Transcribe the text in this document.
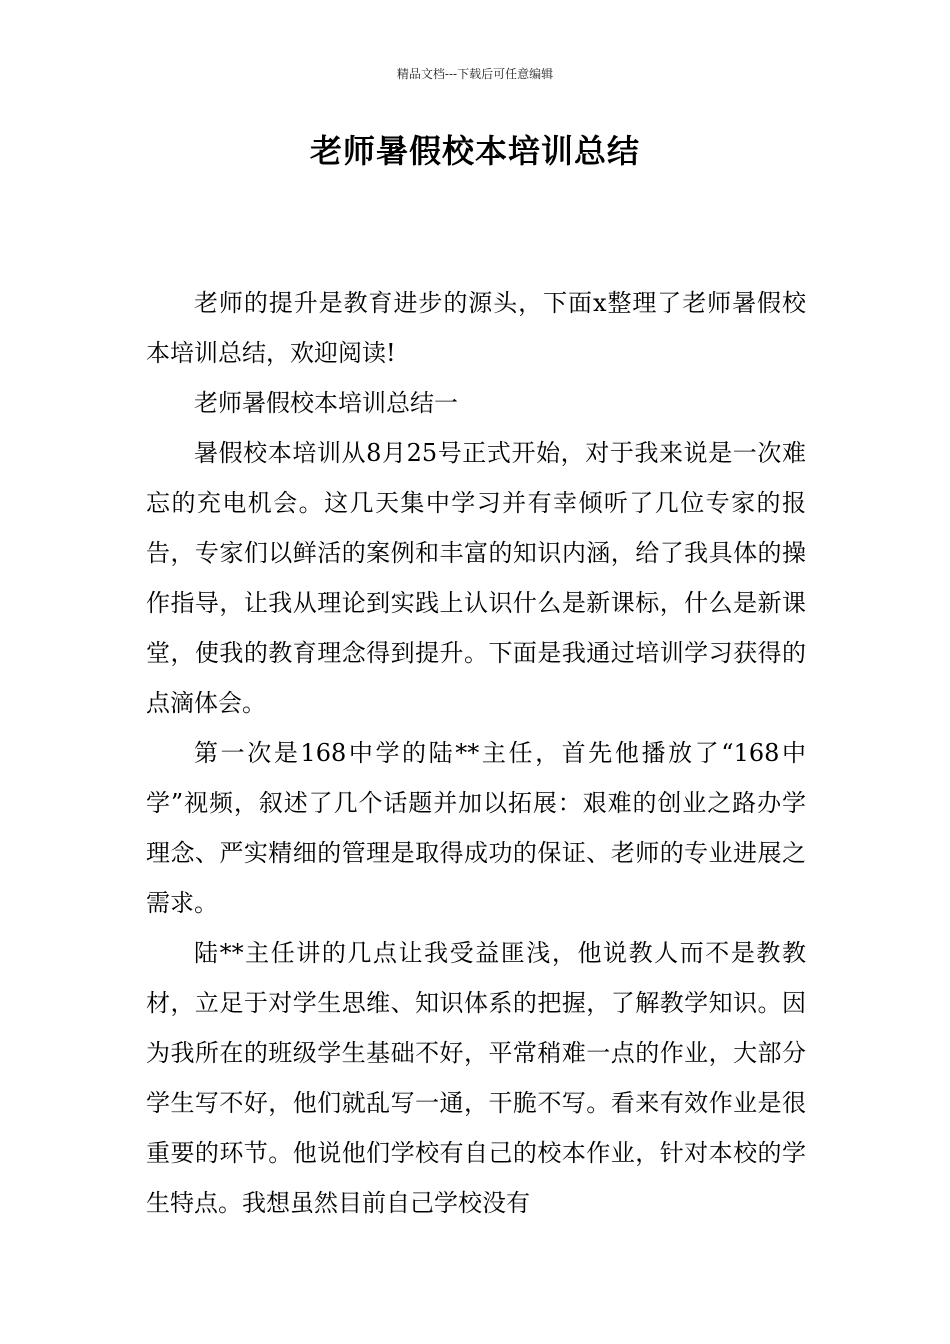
精品文档---下载后可任意编辑
老师暑假校本培训总结

老师的提升是教育进步的源头，下面x整理了老师暑假校本培训总结，欢迎阅读!

老师暑假校本培训总结一

暑假校本培训从8月25号正式开始，对于我来说是一次难忘的充电机会。这几天集中学习并有幸倾听了几位专家的报告，专家们以鲜活的案例和丰富的知识内涵，给了我具体的操作指导，让我从理论到实践上认识什么是新课标，什么是新课堂，使我的教育理念得到提升。下面是我通过培训学习获得的点滴体会。

第一次是168中学的陆**主任，首先他播放了“168中学”视频，叙述了几个话题并加以拓展：艰难的创业之路办学理念、严实精细的管理是取得成功的保证、老师的专业进展之需求。

陆**主任讲的几点让我受益匪浅，他说教人而不是教教材，立足于对学生思维、知识体系的把握，了解教学知识。因为我所在的班级学生基础不好，平常稍难一点的作业，大部分学生写不好，他们就乱写一通，干脆不写。看来有效作业是很重要的环节。他说他们学校有自己的校本作业，针对本校的学生特点。我想虽然目前自己学校没有
